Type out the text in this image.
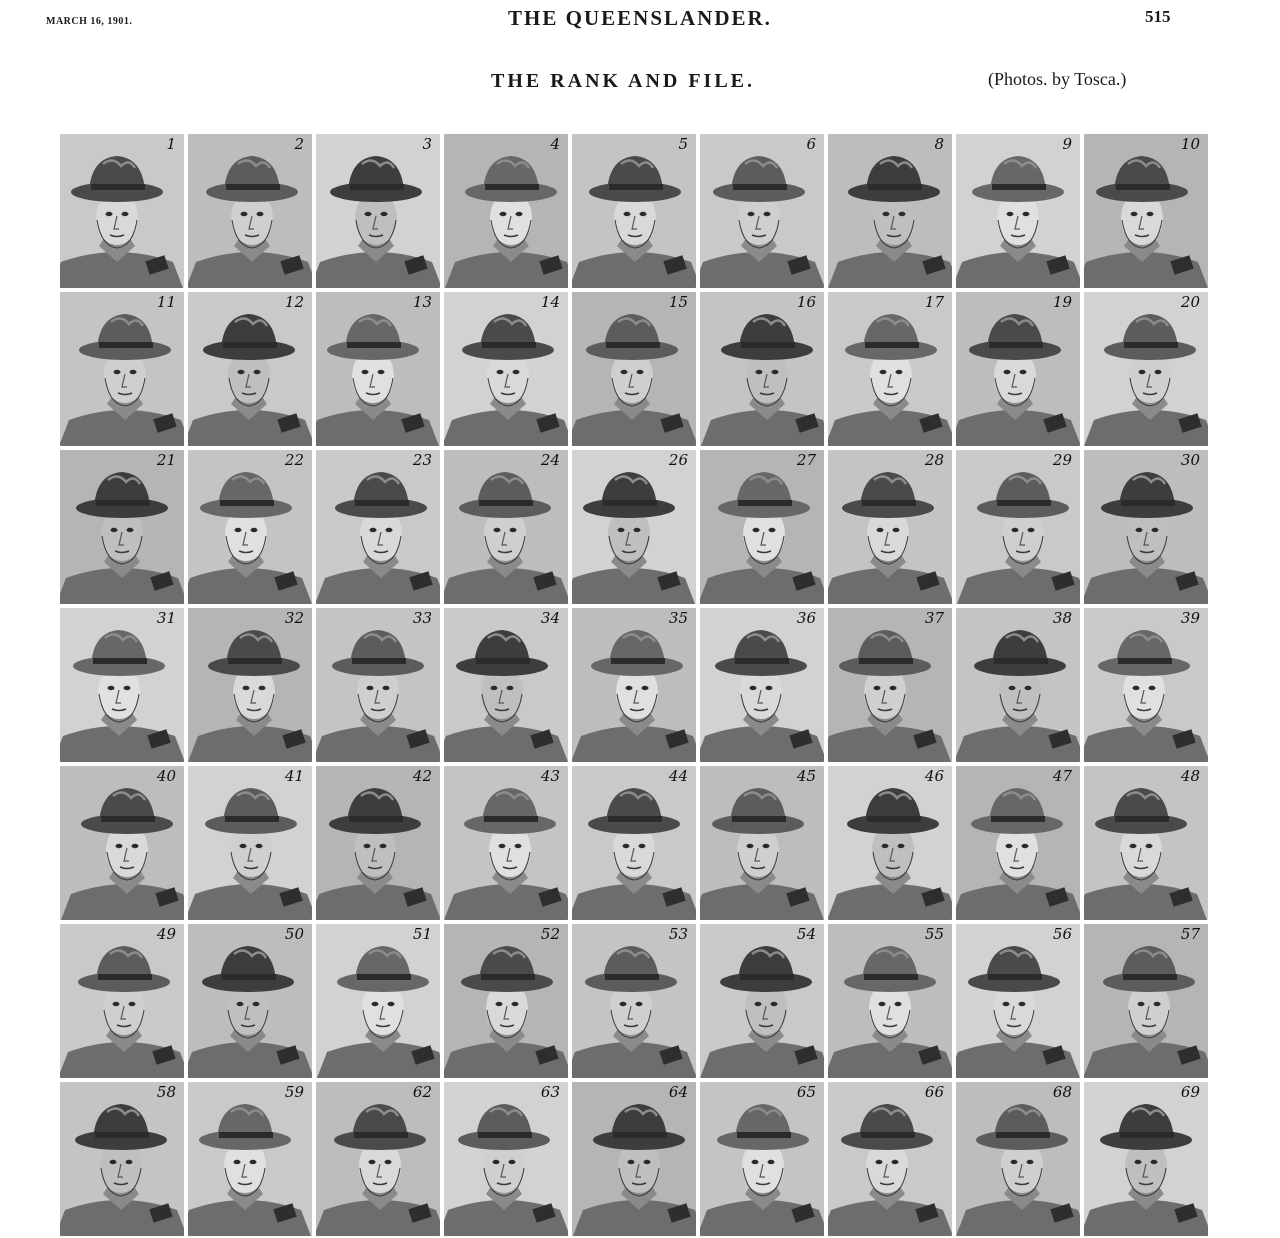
MARCH 16, 1901.	THE QUEENSLANDER.	515
THE RANK AND FILE.	(Photos. by Tosca.)
1	2	3	4	5	6	8	9	10
11	12	13	14	15	16	17	19	20
21	22	23	24	26	27	28	29	30
31	32	33	34	35	36	37	38	39
40	41	42	43	44	45	46	47	48
49	50	51	52	53	54	55	56	57
58	59	62	63	64	65	66	68	69
